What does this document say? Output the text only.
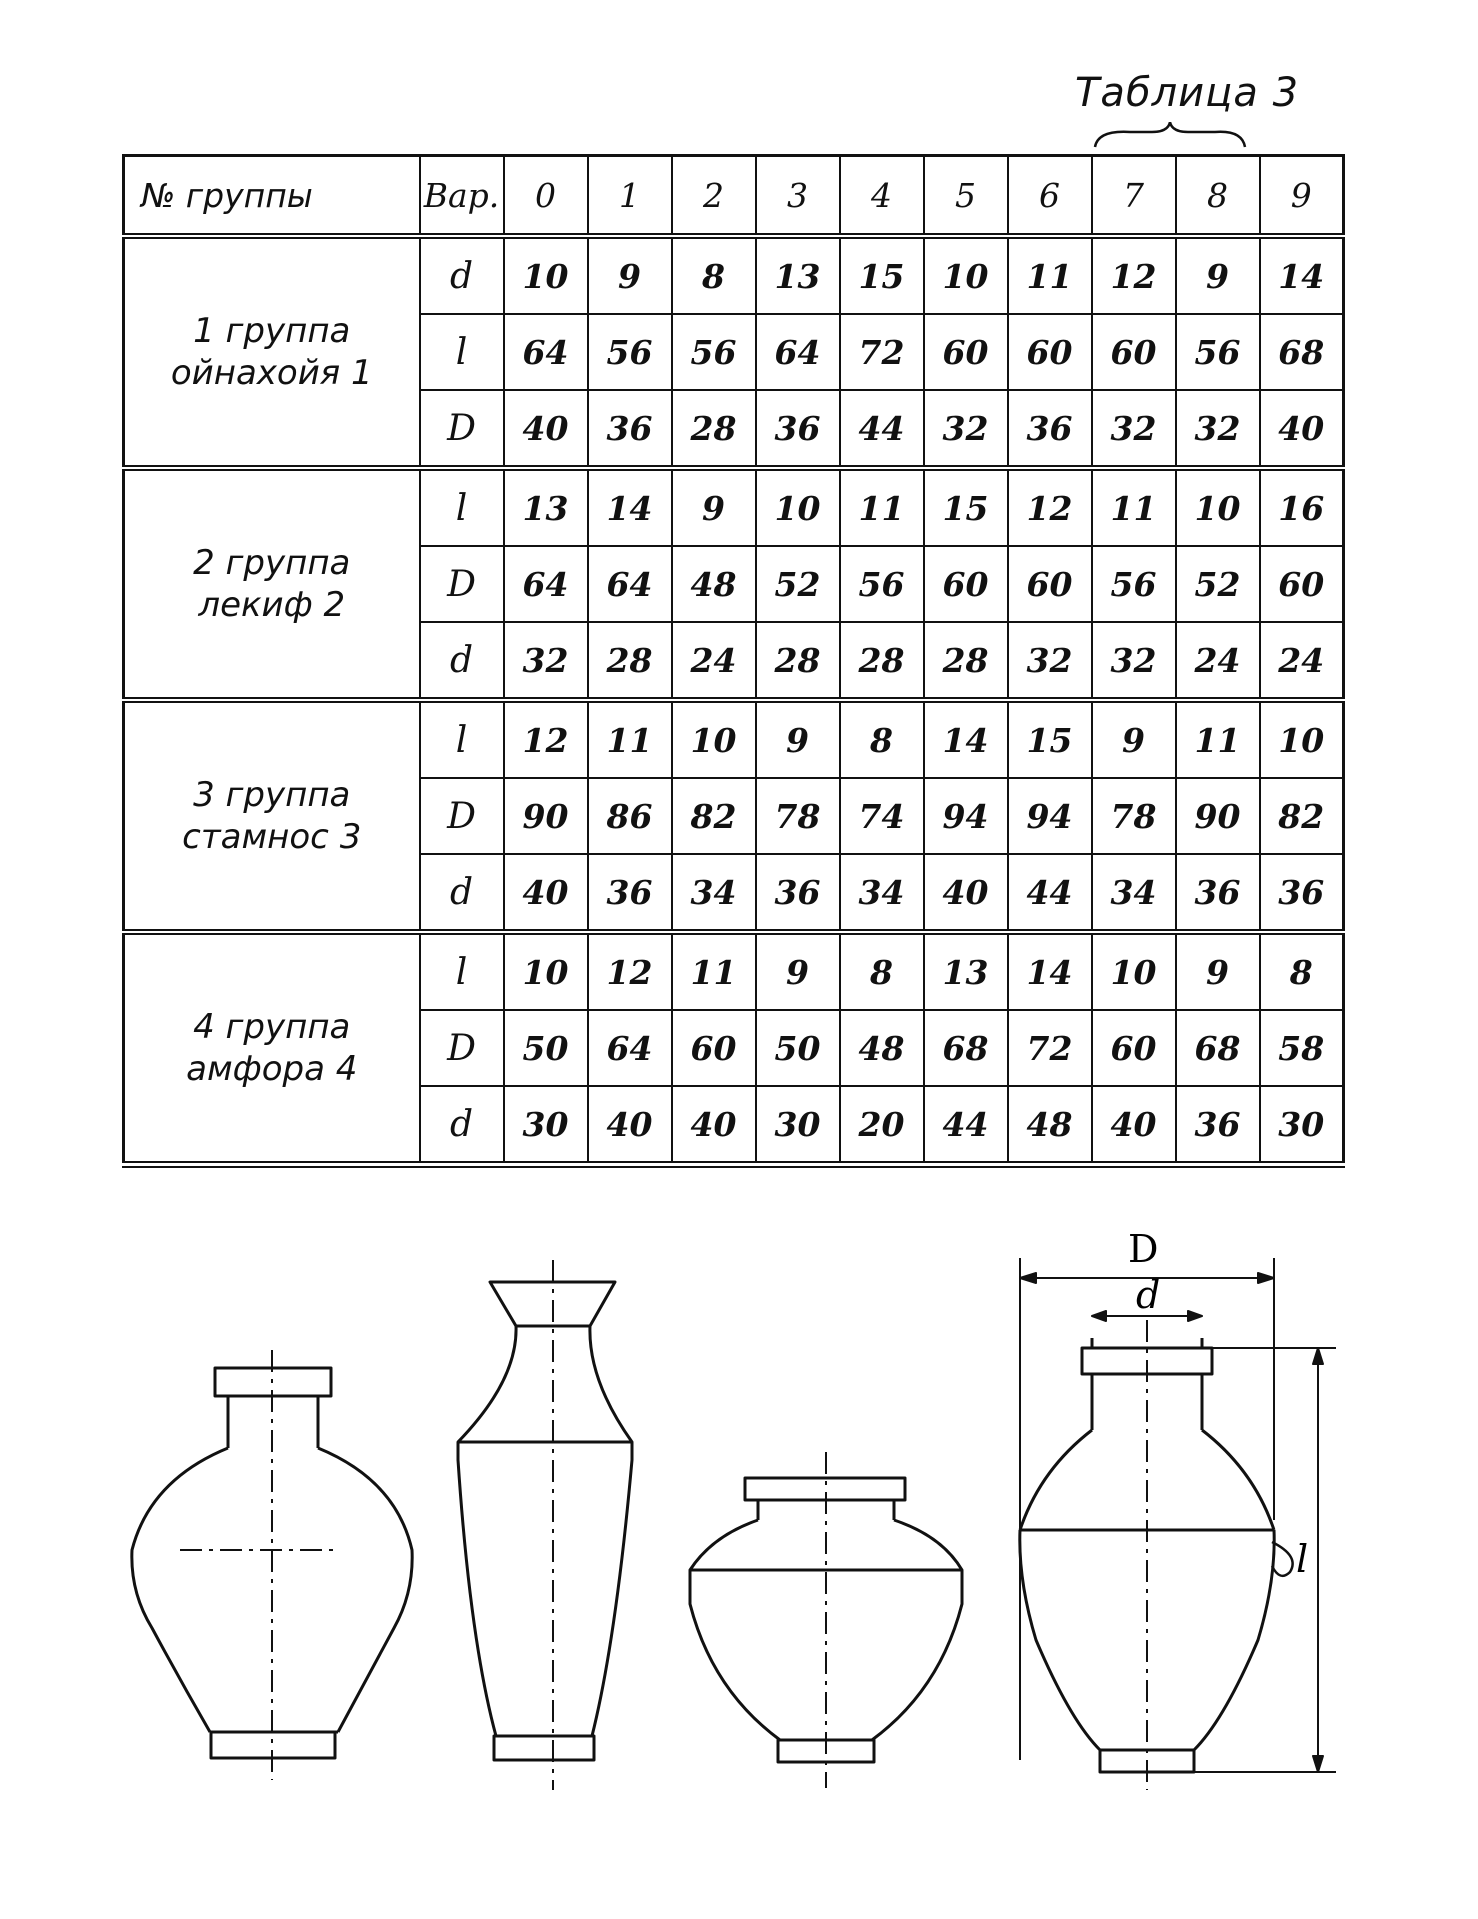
Таблица 3
№ группы	Вар.	0	1	2	3	4	5	6	7	8	9
1 группа
ойнахойя 1	d	10	9	8	13	15	10	11	12	9	14
	l	64	56	56	64	72	60	60	60	56	68
	D	40	36	28	36	44	32	36	32	32	40
2 группа
лекиф 2	l	13	14	9	10	11	15	12	11	10	16
	D	64	64	48	52	56	60	60	56	52	60
	d	32	28	24	28	28	28	32	32	24	24
3 группа
стамнос 3	l	12	11	10	9	8	14	15	9	11	10
	D	90	86	82	78	74	94	94	78	90	82
	d	40	36	34	36	34	40	44	34	36	36
4 группа
амфора 4	l	10	12	11	9	8	13	14	10	9	8
	D	50	64	60	50	48	68	72	60	68	58
	d	30	40	40	30	20	44	48	40	36	30
D
d
l
